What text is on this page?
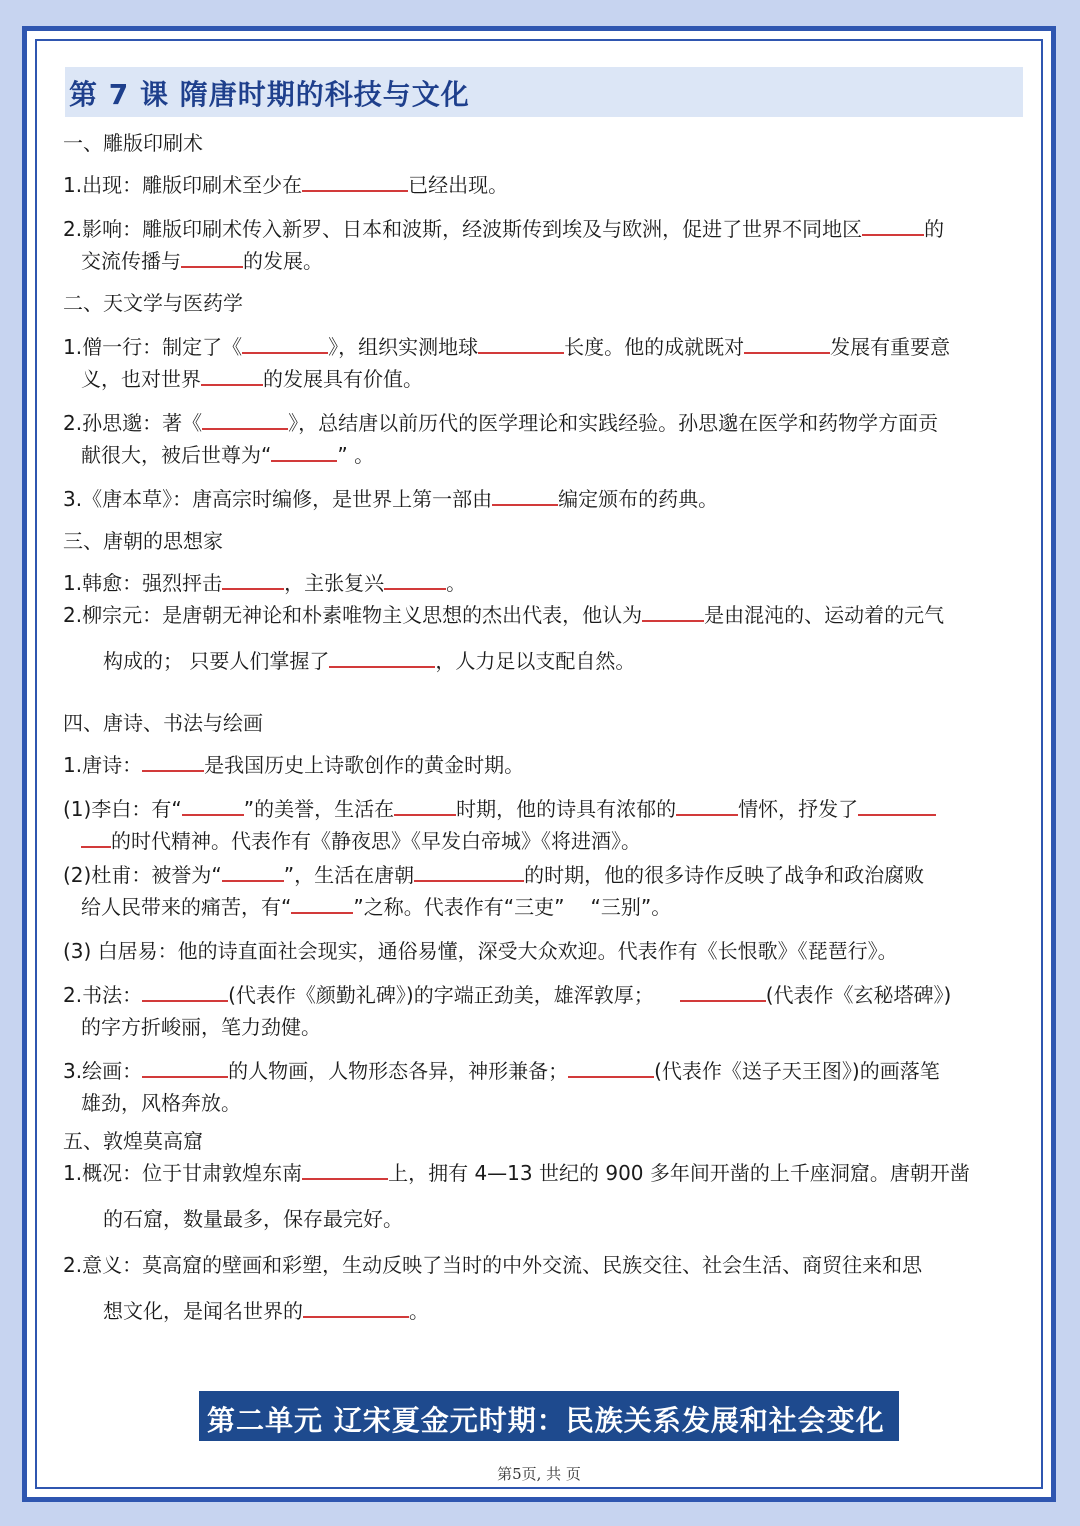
第 7 课 隋唐时期的科技与文化
一、雕版印刷术
1.出现：雕版印刷术至少在	已经出现。
2.影响：雕版印刷术传入新罗、日本和波斯，经波斯传到埃及与欧洲，促进了世界不同地区	的
交流传播与	的发展。
二、天文学与医药学
1.僧一行：制定了《	》，组织实测地球	长度。他的成就既对	发展有重要意
义，也对世界	的发展具有价值。
2.孙思邈：著《	》，总结唐以前历代的医学理论和实践经验。孙思邈在医学和药物学方面贡
献很大，被后世尊为“	” 。
3.《唐本草》：唐高宗时编修，是世界上第一部由	编定颁布的药典。
三、唐朝的思想家
1.韩愈：强烈抨击	，主张复兴	。
2.柳宗元：是唐朝无神论和朴素唯物主义思想的杰出代表，他认为	是由混沌的、运动着的元气
构成的； 只要人们掌握了	，人力足以支配自然。
四、唐诗、书法与绘画
1.唐诗：	是我国历史上诗歌创作的黄金时期。
(1)李白：有“	”的美誉，生活在	时期，他的诗具有浓郁的	情怀，抒发了
的时代精神。代表作有《静夜思》《早发白帝城》《将进酒》。
(2)杜甫：被誉为“	”，生活在唐朝	的时期，他的很多诗作反映了战争和政治腐败
给人民带来的痛苦，有“	”之称。代表作有“三吏” “三别”。
(3) 白居易：他的诗直面社会现实，通俗易懂，深受大众欢迎。代表作有《长恨歌》《琵琶行》。
2.书法：	(代表作《颜勤礼碑》)的字端正劲美，雄浑敦厚；	(代表作《玄秘塔碑》)
的字方折峻丽，笔力劲健。
3.绘画：	的人物画，人物形态各异，神形兼备；	(代表作《送子天王图》)的画落笔
雄劲，风格奔放。
五、敦煌莫高窟
1.概况：位于甘肃敦煌东南	上，拥有 4—13 世纪的 900 多年间开凿的上千座洞窟。唐朝开凿
的石窟，数量最多，保存最完好。
2.意义：莫高窟的壁画和彩塑，生动反映了当时的中外交流、民族交往、社会生活、商贸往来和思
想文化，是闻名世界的	。
第二单元 辽宋夏金元时期：民族关系发展和社会变化
第5页, 共 页
